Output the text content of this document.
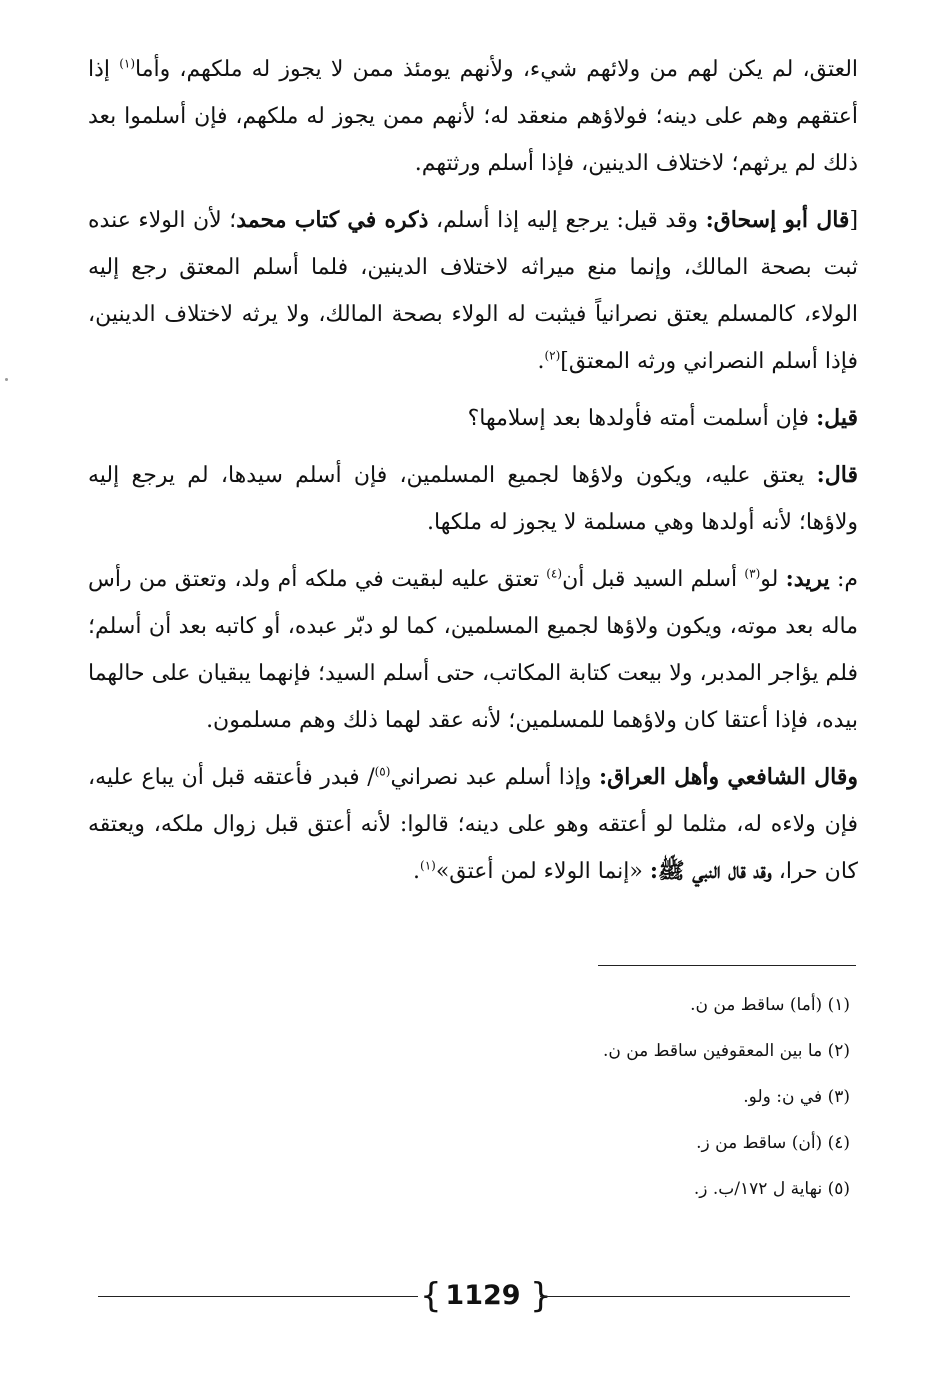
العتق، لم يكن لهم من ولائهم شيء، ولأنهم يومئذ ممن لا يجوز له ملكهم، وأما$^{(١)}$ إذا أعتقهم وهم على دينه؛ فولاؤهم منعقد له؛ لأنهم ممن يجوز له ملكهم، فإن أسلموا بعد ذلك لم يرثهم؛ لاختلاف الدينين، فإذا أسلم ورثتهم.

[قال أبو إسحاق: وقد قيل: يرجع إليه إذا أسلم، ذكره في كتاب محمد؛ لأن الولاء عنده ثبت بصحة المالك، وإنما منع ميراثه لاختلاف الدينين، فلما أسلم المعتق رجع إليه الولاء، كالمسلم يعتق نصرانياً فيثبت له الولاء بصحة المالك، ولا يرثه لاختلاف الدينين، فإذا أسلم النصراني ورثه المعتق]$^{(٢)}$.

قيل: فإن أسلمت أمته فأولدها بعد إسلامها؟

قال: يعتق عليه، ويكون ولاؤها لجميع المسلمين، فإن أسلم سيدها، لم يرجع إليه ولاؤها؛ لأنه أولدها وهي مسلمة لا يجوز له ملكها.

م: يريد: لو$^{(٣)}$ أسلم السيد قبل أن$^{(٤)}$ تعتق عليه لبقيت في ملكه أم ولد، وتعتق من رأس ماله بعد موته، ويكون ولاؤها لجميع المسلمين، كما لو دبّر عبده، أو كاتبه بعد أن أسلم؛ فلم يؤاجر المدبر، ولا بيعت كتابة المكاتب، حتى أسلم السيد؛ فإنهما يبقيان على حالهما بيده، فإذا أعتقا كان ولاؤهما للمسلمين؛ لأنه عقد لهما ذلك وهم مسلمون.

وقال الشافعي وأهل العراق: وإذا أسلم عبد نصراني$^{(٥)}$/ فبدر فأعتقه قبل أن يباع عليه، فإن ولاءه له، مثلما لو أعتقه وهو على دينه؛ قالوا: لأنه أعتق قبل زوال ملكه، ويعتقه كان حرا، وقد قال النبي ﷺ: «إنما الولاء لمن أعتق»$^{(١)}$.

(١) (أما) ساقط من ن.
(٢) ما بين المعقوفين ساقط من ن.
(٣) في ن: ولو.
(٤) (أن) ساقط من ز.
(٥) نهاية ل ١٧٢/ب. ز.
{ 1129 }
